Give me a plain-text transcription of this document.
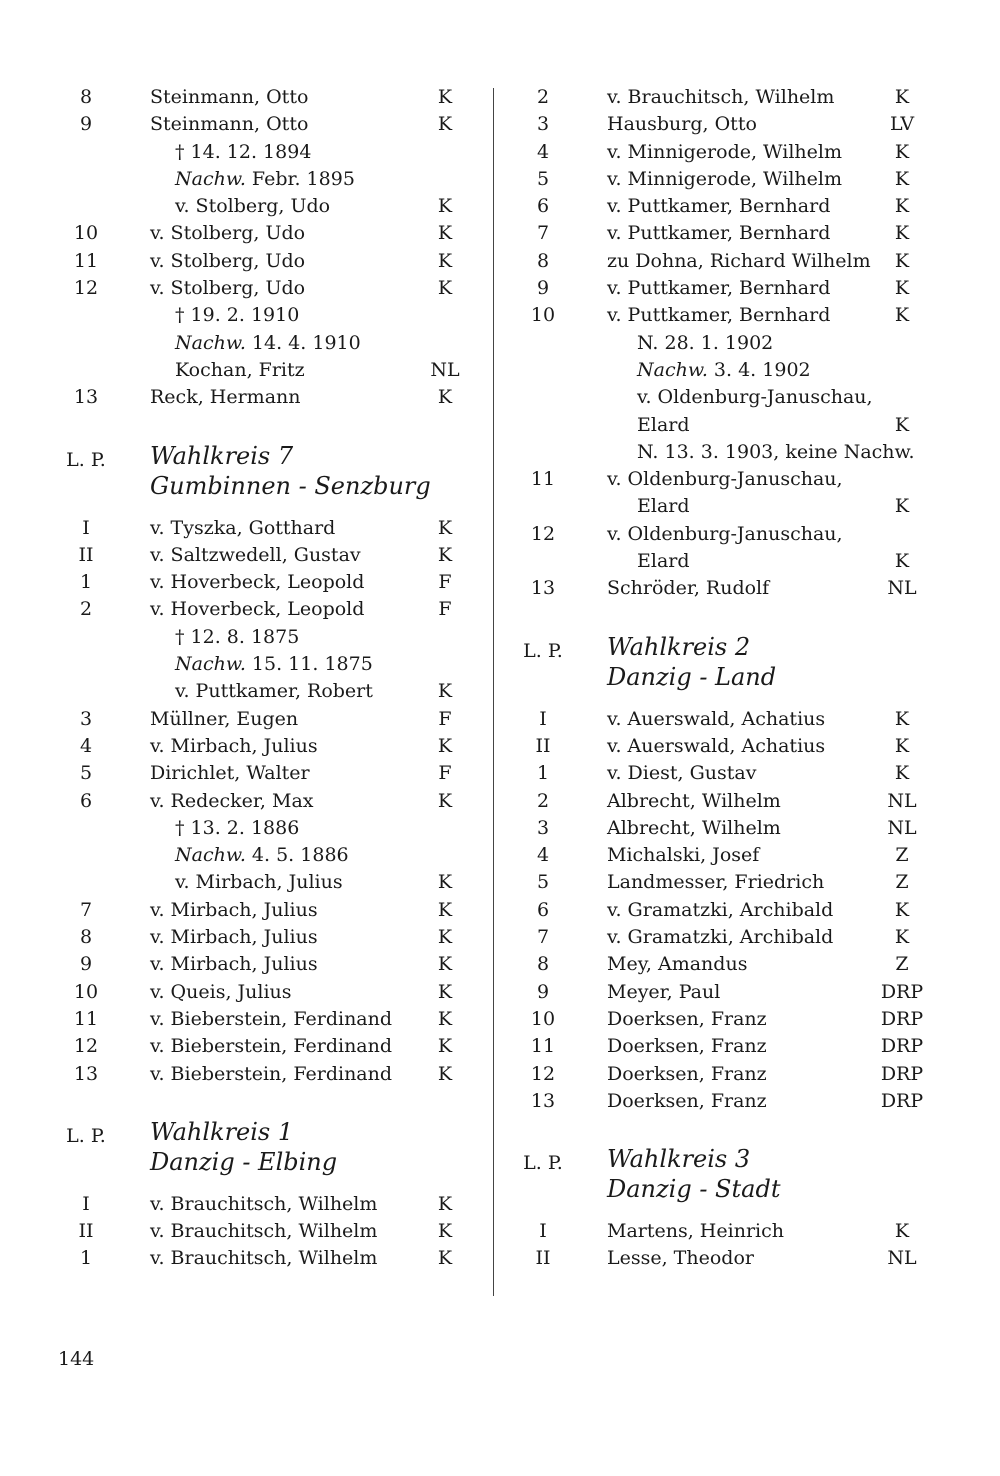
8	Steinmann, Otto	K
9	Steinmann, Otto	K
† 14. 12. 1894
Nachw. Febr. 1895
v. Stolberg, Udo	K
10	v. Stolberg, Udo	K
11	v. Stolberg, Udo	K
12	v. Stolberg, Udo	K
† 19. 2. 1910
Nachw. 14. 4. 1910
Kochan, Fritz	NL
13	Reck, Hermann	K
L. P.	Wahlkreis 7
Gumbinnen - Senzburg
I	v. Tyszka, Gotthard	K
II	v. Saltzwedell, Gustav	K
1	v. Hoverbeck, Leopold	F
2	v. Hoverbeck, Leopold	F
† 12. 8. 1875
Nachw. 15. 11. 1875
v. Puttkamer, Robert	K
3	Müllner, Eugen	F
4	v. Mirbach, Julius	K
5	Dirichlet, Walter	F
6	v. Redecker, Max	K
† 13. 2. 1886
Nachw. 4. 5. 1886
v. Mirbach, Julius	K
7	v. Mirbach, Julius	K
8	v. Mirbach, Julius	K
9	v. Mirbach, Julius	K
10	v. Queis, Julius	K
11	v. Bieberstein, Ferdinand	K
12	v. Bieberstein, Ferdinand	K
13	v. Bieberstein, Ferdinand	K
L. P.	Wahlkreis 1
Danzig - Elbing
I	v. Brauchitsch, Wilhelm	K
II	v. Brauchitsch, Wilhelm	K
1	v. Brauchitsch, Wilhelm	K
2	v. Brauchitsch, Wilhelm	K
3	Hausburg, Otto	LV
4	v. Minnigerode, Wilhelm	K
5	v. Minnigerode, Wilhelm	K
6	v. Puttkamer, Bernhard	K
7	v. Puttkamer, Bernhard	K
8	zu Dohna, Richard Wilhelm	K
9	v. Puttkamer, Bernhard	K
10	v. Puttkamer, Bernhard	K
N. 28. 1. 1902
Nachw. 3. 4. 1902
v. Oldenburg-Januschau,
Elard	K
N. 13. 3. 1903, keine Nachw.
11	v. Oldenburg-Januschau,
Elard	K
12	v. Oldenburg-Januschau,
Elard	K
13	Schröder, Rudolf	NL
L. P.	Wahlkreis 2
Danzig - Land
I	v. Auerswald, Achatius	K
II	v. Auerswald, Achatius	K
1	v. Diest, Gustav	K
2	Albrecht, Wilhelm	NL
3	Albrecht, Wilhelm	NL
4	Michalski, Josef	Z
5	Landmesser, Friedrich	Z
6	v. Gramatzki, Archibald	K
7	v. Gramatzki, Archibald	K
8	Mey, Amandus	Z
9	Meyer, Paul	DRP
10	Doerksen, Franz	DRP
11	Doerksen, Franz	DRP
12	Doerksen, Franz	DRP
13	Doerksen, Franz	DRP
L. P.	Wahlkreis 3
Danzig - Stadt
I	Martens, Heinrich	K
II	Lesse, Theodor	NL
144
